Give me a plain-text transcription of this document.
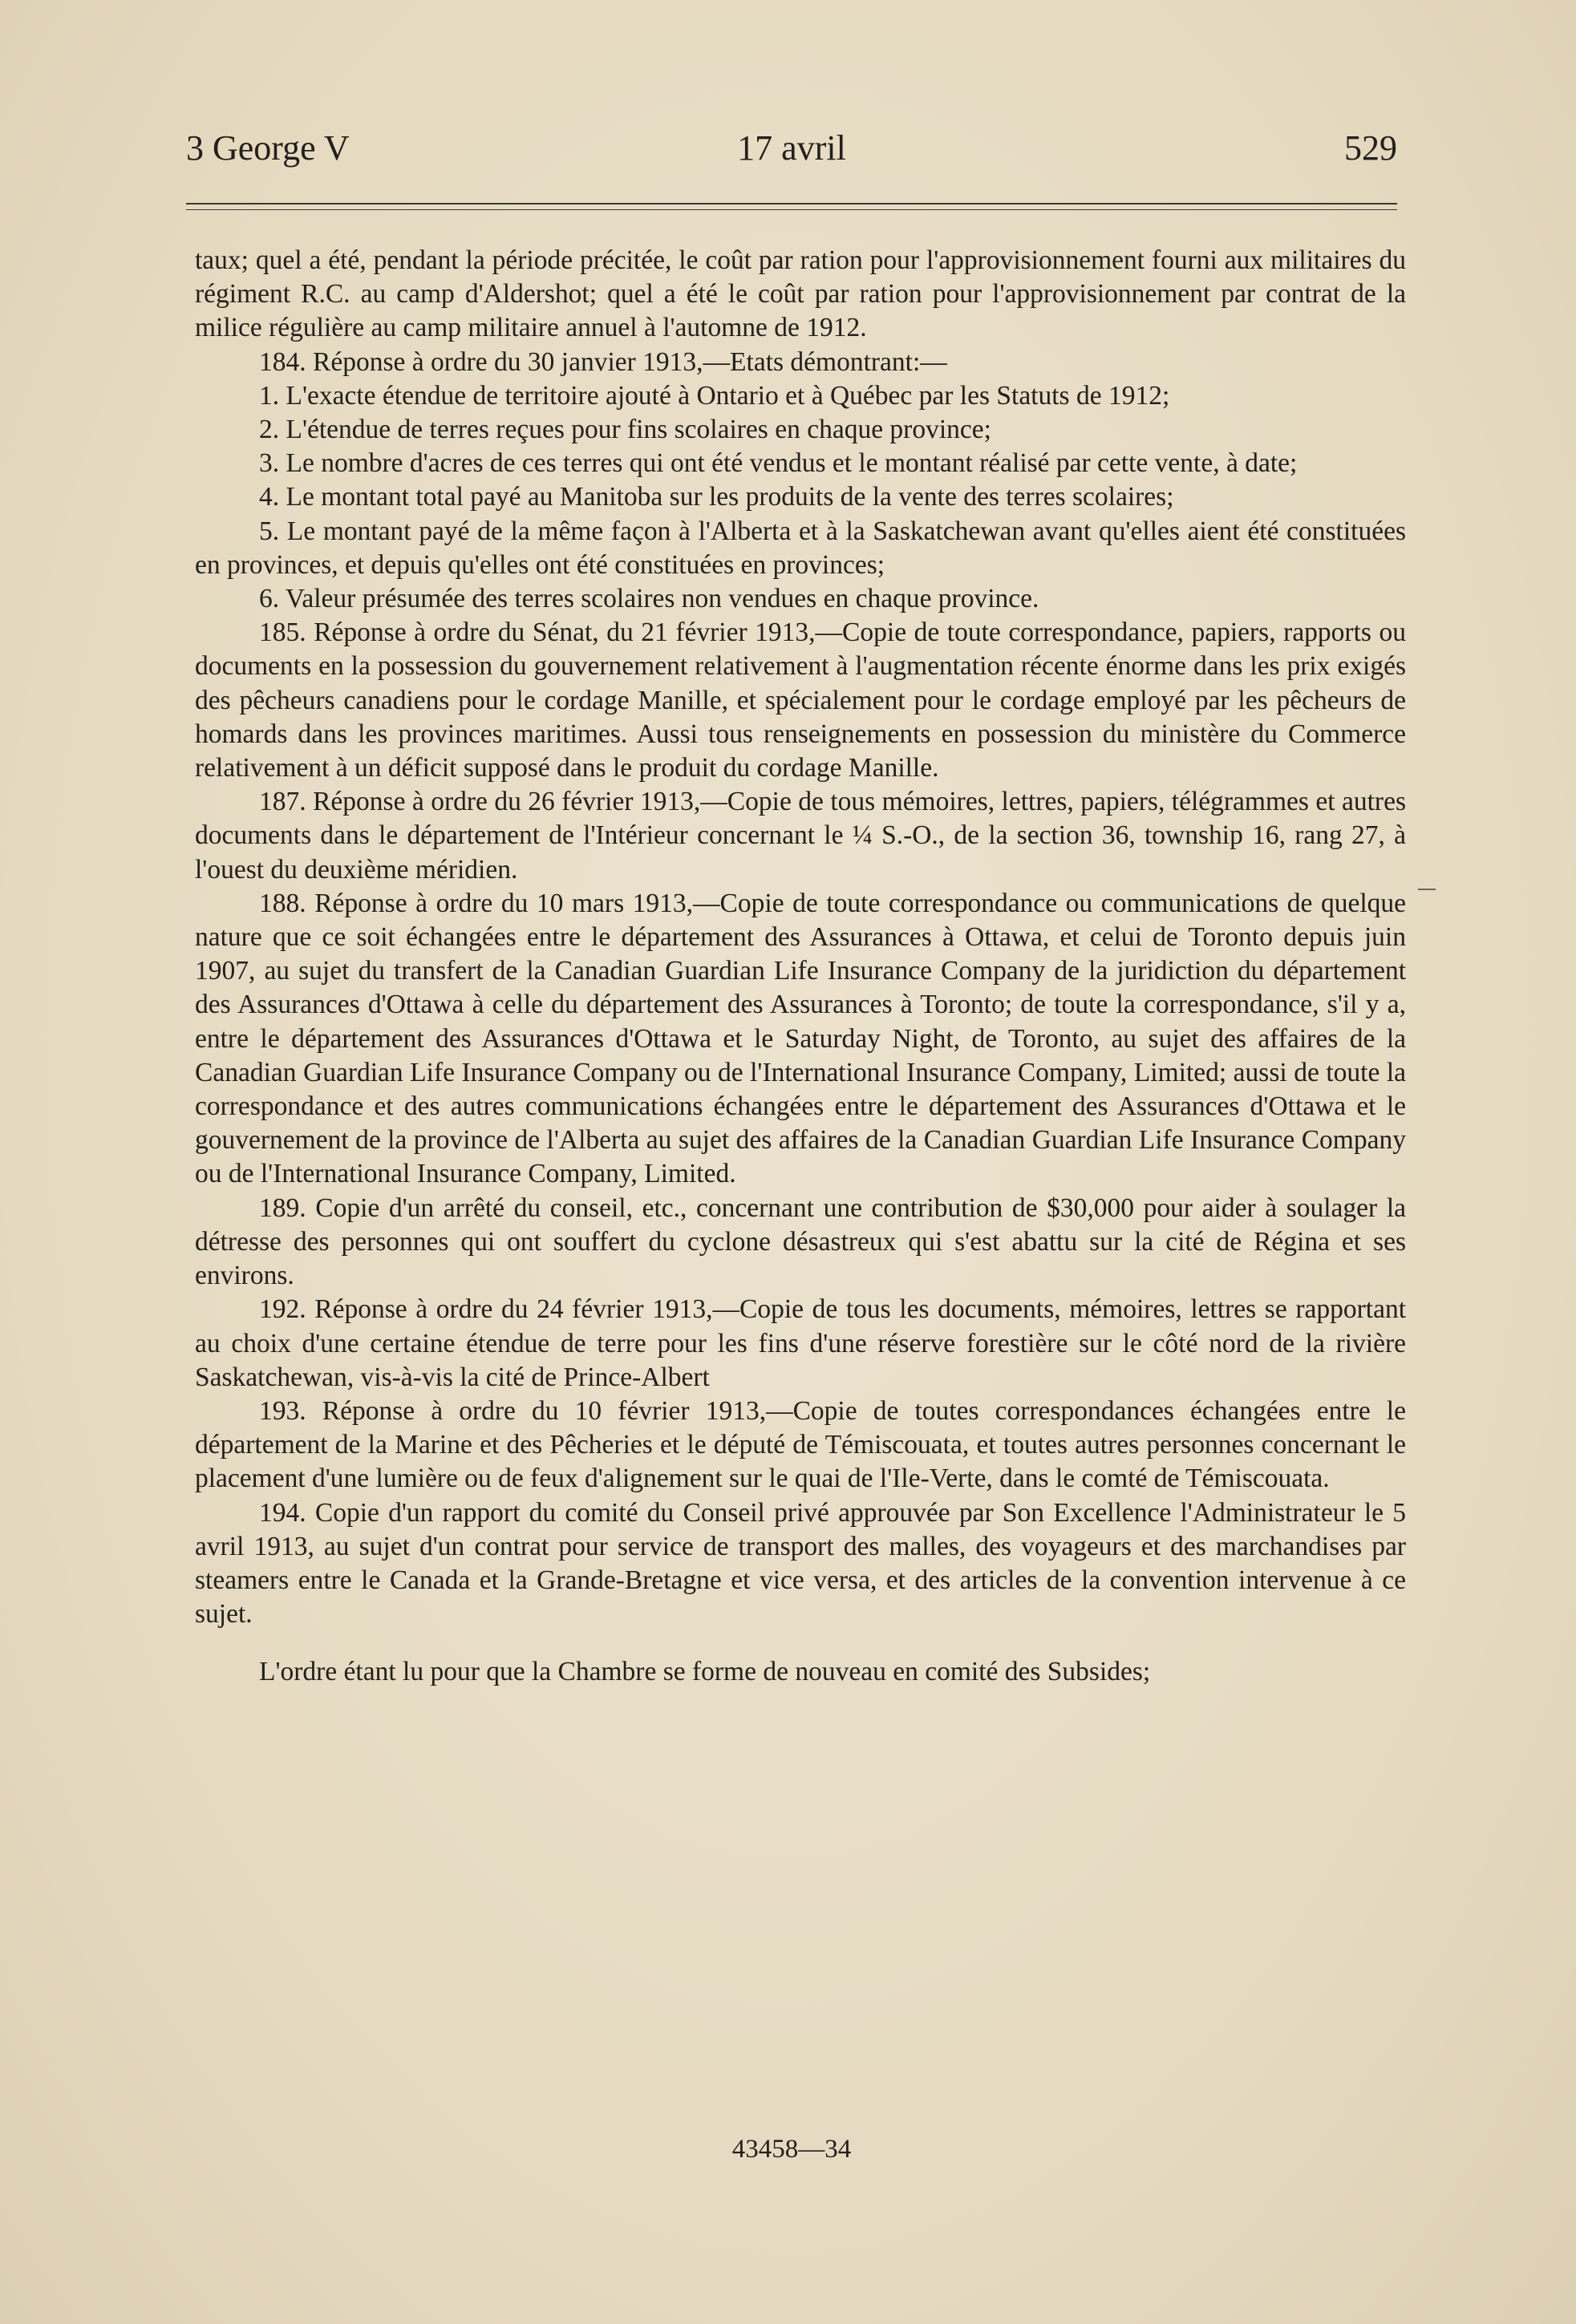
3 George V	17 avril	529

taux; quel a été, pendant la période précitée, le coût par ration pour l'approvisionnement fourni aux militaires du régiment R.C. au camp d'Aldershot; quel a été le coût par ration pour l'approvisionnement par contrat de la milice régulière au camp militaire annuel à l'automne de 1912.

184. Réponse à ordre du 30 janvier 1913,—Etats démontrant:—

1. L'exacte étendue de territoire ajouté à Ontario et à Québec par les Statuts de 1912;

2. L'étendue de terres reçues pour fins scolaires en chaque province;

3. Le nombre d'acres de ces terres qui ont été vendus et le montant réalisé par cette vente, à date;

4. Le montant total payé au Manitoba sur les produits de la vente des terres scolaires;

5. Le montant payé de la même façon à l'Alberta et à la Saskatchewan avant qu'elles aient été constituées en provinces, et depuis qu'elles ont été constituées en provinces;

6. Valeur présumée des terres scolaires non vendues en chaque province.

185. Réponse à ordre du Sénat, du 21 février 1913,—Copie de toute correspondance, papiers, rapports ou documents en la possession du gouvernement relativement à l'augmentation récente énorme dans les prix exigés des pêcheurs canadiens pour le cordage Manille, et spécialement pour le cordage employé par les pêcheurs de homards dans les provinces maritimes. Aussi tous renseignements en possession du ministère du Commerce relativement à un déficit supposé dans le produit du cordage Manille.

187. Réponse à ordre du 26 février 1913,—Copie de tous mémoires, lettres, papiers, télégrammes et autres documents dans le département de l'Intérieur concernant le ¼ S.-O., de la section 36, township 16, rang 27, à l'ouest du deuxième méridien.

188. Réponse à ordre du 10 mars 1913,—Copie de toute correspondance ou communications de quelque nature que ce soit échangées entre le département des Assurances à Ottawa, et celui de Toronto depuis juin 1907, au sujet du transfert de la Canadian Guardian Life Insurance Company de la juridiction du département des Assurances d'Ottawa à celle du département des Assurances à Toronto; de toute la correspondance, s'il y a, entre le département des Assurances d'Ottawa et le Saturday Night, de Toronto, au sujet des affaires de la Canadian Guardian Life Insurance Company ou de l'International Insurance Company, Limited; aussi de toute la correspondance et des autres communications échangées entre le département des Assurances d'Ottawa et le gouvernement de la province de l'Alberta au sujet des affaires de la Canadian Guardian Life Insurance Company ou de l'International Insurance Company, Limited.

189. Copie d'un arrêté du conseil, etc., concernant une contribution de $30,000 pour aider à soulager la détresse des personnes qui ont souffert du cyclone désastreux qui s'est abattu sur la cité de Régina et ses environs.

192. Réponse à ordre du 24 février 1913,—Copie de tous les documents, mémoires, lettres se rapportant au choix d'une certaine étendue de terre pour les fins d'une réserve forestière sur le côté nord de la rivière Saskatchewan, vis-à-vis la cité de Prince-Albert

193. Réponse à ordre du 10 février 1913,—Copie de toutes correspondances échangées entre le département de la Marine et des Pêcheries et le député de Témiscouata, et toutes autres personnes concernant le placement d'une lumière ou de feux d'alignement sur le quai de l'Ile-Verte, dans le comté de Témiscouata.

194. Copie d'un rapport du comité du Conseil privé approuvée par Son Excellence l'Administrateur le 5 avril 1913, au sujet d'un contrat pour service de transport des malles, des voyageurs et des marchandises par steamers entre le Canada et la Grande-Bretagne et vice versa, et des articles de la convention intervenue à ce sujet.

L'ordre étant lu pour que la Chambre se forme de nouveau en comité des Subsides;

43458—34
